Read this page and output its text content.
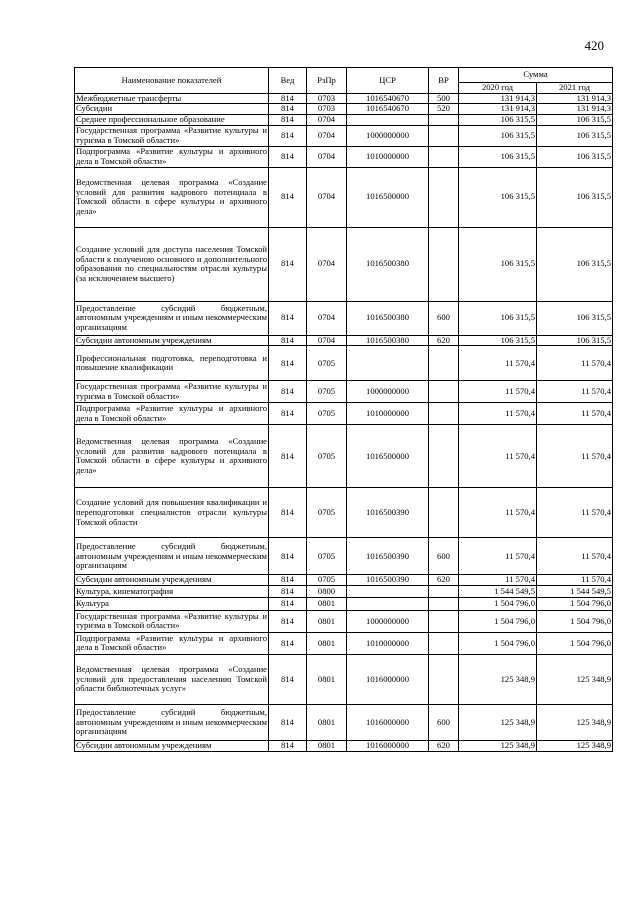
420
Наименование показателей	Вед	РзПр	ЦСР	ВР	Сумма	
					2020 год	2021 год
Межбюджетные трансферты	814	0703	1016540670	500	131 914,3	131 914,3
Субсидии	814	0703	1016540670	520	131 914,3	131 914,3
Среднее профессиональное образование	814	0704			106 315,5	106 315,5
Государственная программа «Развитие культуры и туризма в Томской области»	814	0704	1000000000		106 315,5	106 315,5
Подпрограмма «Развитие культуры и архивного дела в Томской области»	814	0704	1010000000		106 315,5	106 315,5
Ведомственная целевая программа «Создание условий для развития кадрового потенциала в Томской области в сфере культуры и архивного дела»	814	0704	1016500000		106 315,5	106 315,5
Создание условий для доступа населения Томской области к полученою основного и дополнительного образования по специальностям отрасли культуры (за исключением высшего)	814	0704	1016500380		106 315,5	106 315,5
Предоставление субсидий бюджетным, автономным учреждениям и иным некоммерческим организациям	814	0704	1016500380	600	106 315,5	106 315,5
Субсидии автономным учреждениям	814	0704	1016500380	620	106 315,5	106 315,5
Профессиональная подготовка, переподготовка и повышение квалификации	814	0705			11 570,4	11 570,4
Государственная программа «Развитие культуры и туризма в Томской области»	814	0705	1000000000		11 570,4	11 570,4
Подпрограмма «Развитие культуры и архивного дела в Томской области»	814	0705	1010000000		11 570,4	11 570,4
Ведомственная целевая программа «Создание условий для развития кадрового потенциала в Томской области в сфере культуры и архивного дела»	814	0705	1016500000		11 570,4	11 570,4
Создание условий для повышения квалификации и переподготовки специалистов отрасли культуры Томской области	814	0705	1016500390		11 570,4	11 570,4
Предоставление субсидий бюджетным, автономным учреждениям и иным некоммерческим организациям	814	0705	1016500390	600	11 570,4	11 570,4
Субсидии автономным учреждениям	814	0705	1016500390	620	11 570,4	11 570,4
Культура, кинематография	814	0800			1 544 549,5	1 544 549,5
Культура	814	0801			1 504 796,0	1 504 796,0
Государственная программа «Развитие культуры и туризма в Томской области»	814	0801	1000000000		1 504 796,0	1 504 796,0
Подпрограмма «Развитие культуры и архивного дела в Томской области»	814	0801	1010000000		1 504 796,0	1 504 796,0
Ведомственная целевая программа «Создание условий для предоставления населению Томской области библиотечных услуг»	814	0801	1016000000		125 348,9	125 348,9
Предоставление субсидий бюджетным, автономным учреждениям и иным некоммерческим организациям	814	0801	1016000000	600	125 348,9	125 348,9
Субсидии автономным учреждениям	814	0801	1016000000	620	125 348,9	125 348,9
